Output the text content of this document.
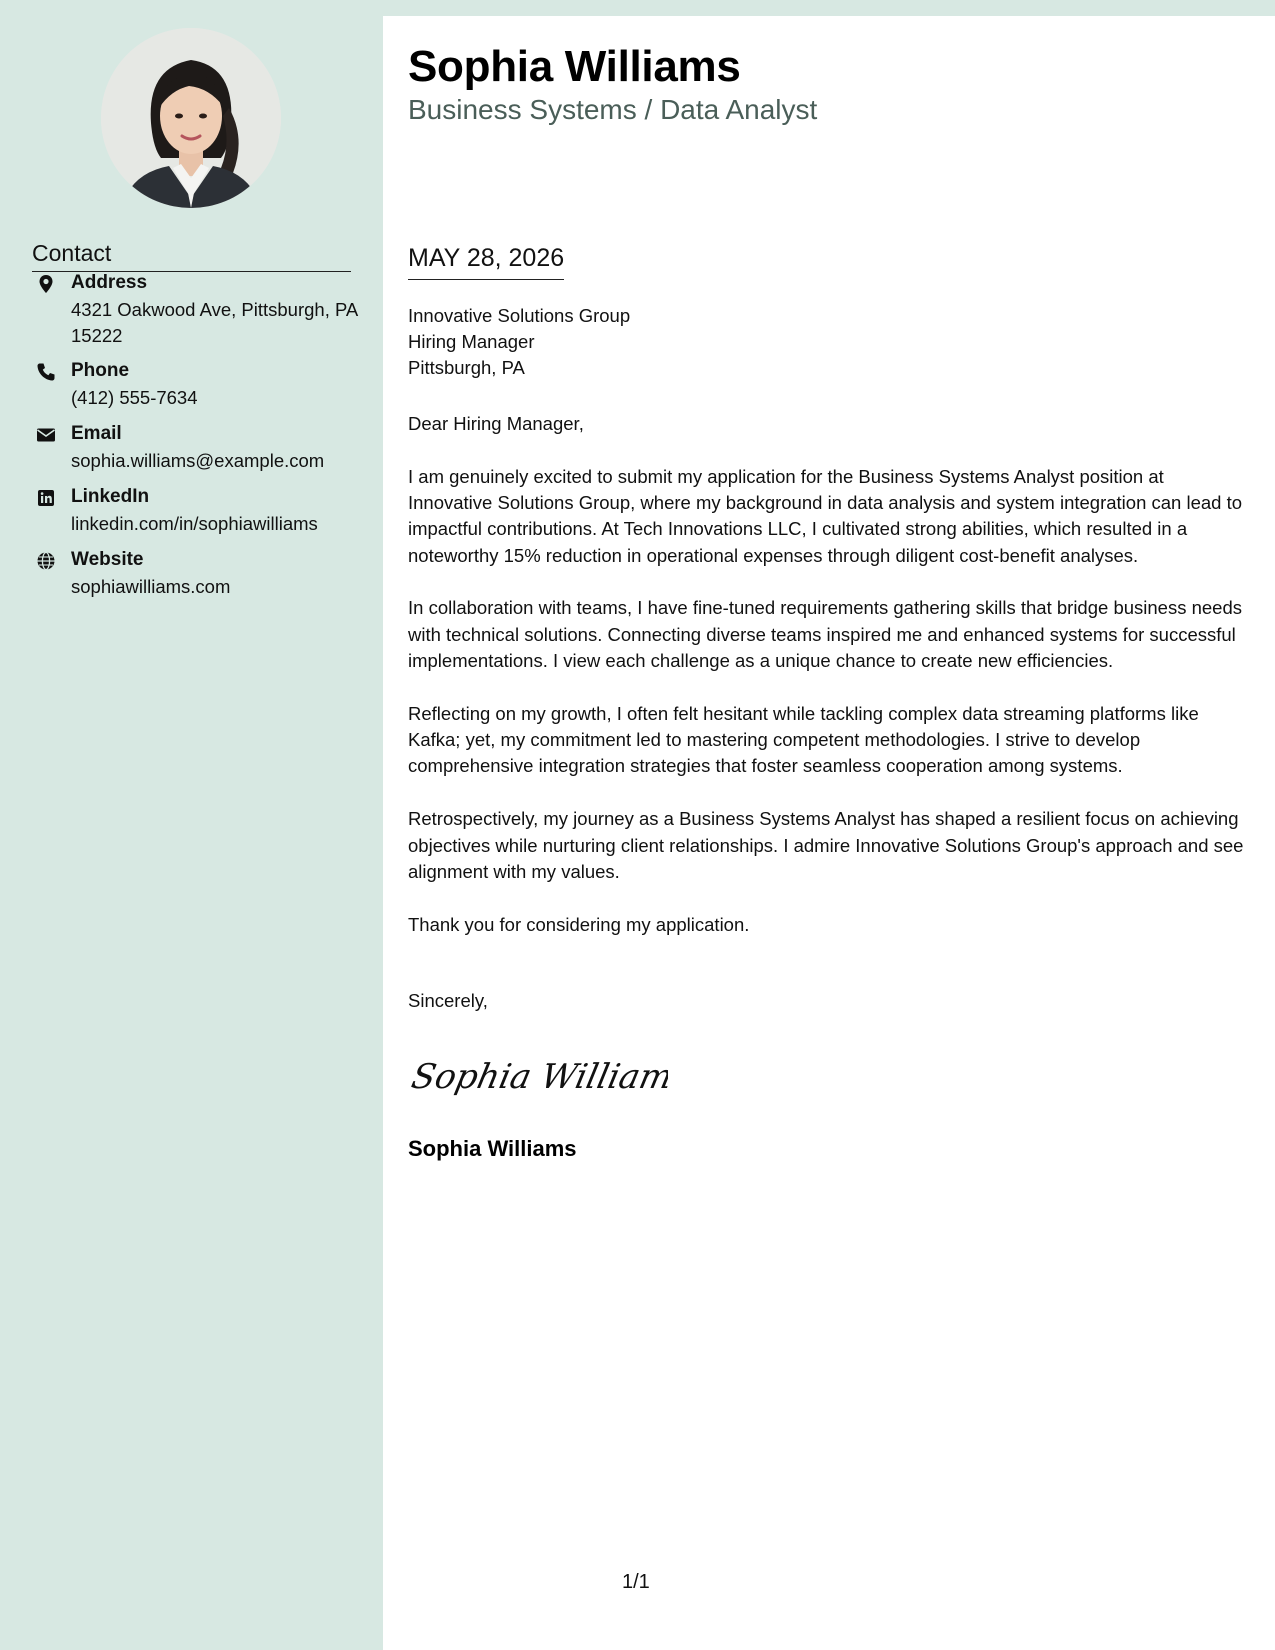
Contact
Address
4321 Oakwood Ave, Pittsburgh, PA 15222
Phone
(412) 555-7634
Email
sophia.williams@example.com
LinkedIn
linkedin.com/in/sophiawilliams
Website
sophiawilliams.com
Sophia Williams
Business Systems / Data Analyst
MAY 28, 2026
Innovative Solutions Group
Hiring Manager
Pittsburgh, PA

Dear Hiring Manager,

I am genuinely excited to submit my application for the Business Systems Analyst position at Innovative Solutions Group, where my background in data analysis and system integration can lead to impactful contributions. At Tech Innovations LLC, I cultivated strong abilities, which resulted in a noteworthy 15% reduction in operational expenses through diligent cost-benefit analyses.

In collaboration with teams, I have fine-tuned requirements gathering skills that bridge business needs with technical solutions. Connecting diverse teams inspired me and enhanced systems for successful implementations. I view each challenge as a unique chance to create new efficiencies.

Reflecting on my growth, I often felt hesitant while tackling complex data streaming platforms like Kafka; yet, my commitment led to mastering competent methodologies. I strive to develop comprehensive integration strategies that foster seamless cooperation among systems.

Retrospectively, my journey as a Business Systems Analyst has shaped a resilient focus on achieving objectives while nurturing client relationships. I admire Innovative Solutions Group's approach and see alignment with my values.

Thank you for considering my application.

Sincerely,
Sophia Williams
Sophia Williams
1/1
